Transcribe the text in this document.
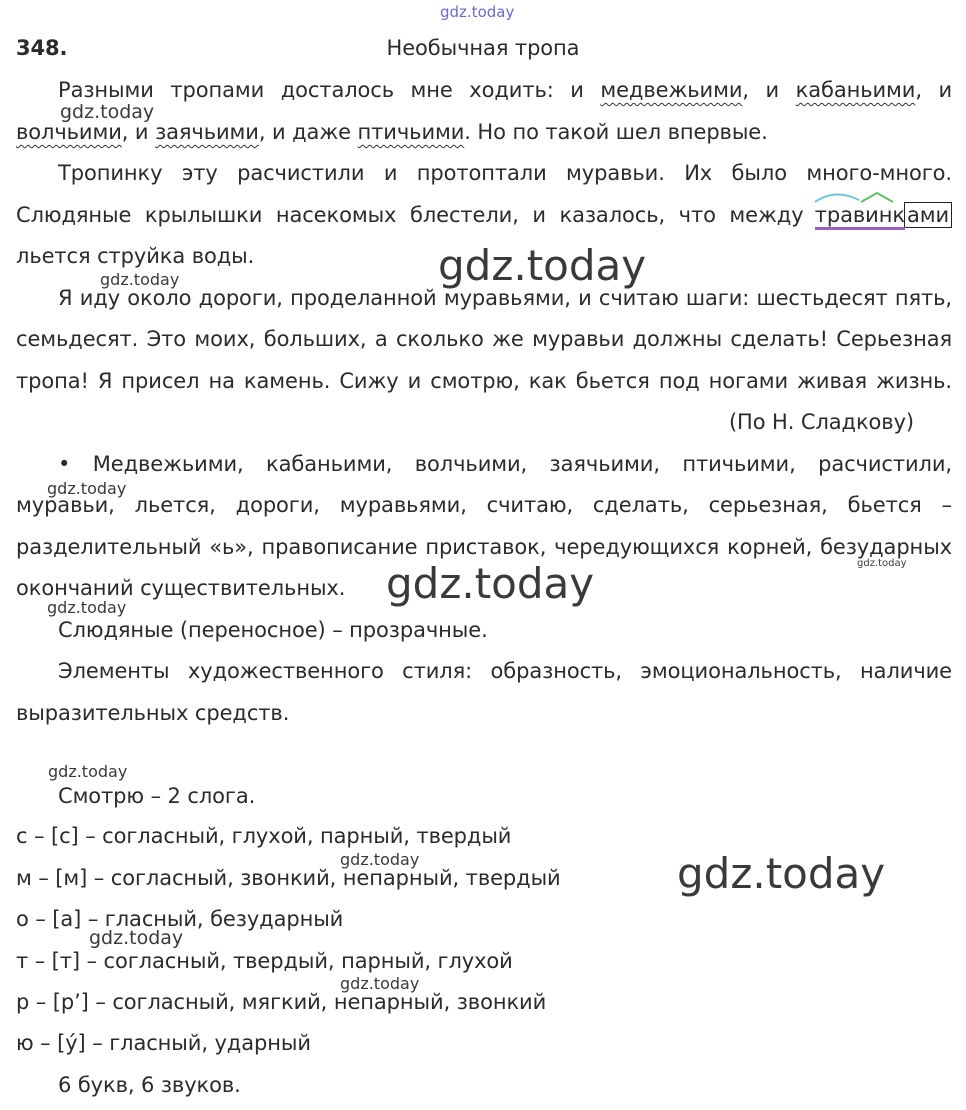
gdz.today
gdz.today
gdz.today
gdz.today
gdz.today
gdz.today
gdz.today
gdz.today
gdz.today
gdz.today	gdz.today
gdz.today
gdz.today
348.	Необычная тропа
Разными тропами досталось мне ходить: и медвежьими, и кабаньими, и
волчьими, и заячьими, и даже птичьими. Но по такой шел впервые.
Тропинку эту расчистили и протоптали муравьи. Их было много-много.
Слюдяные крылышки насекомых блестели, и казалось, что между травинками
льется струйка воды.
Я иду около дороги, проделанной муравьями, и считаю шаги: шестьдесят пять,
семьдесят. Это моих, больших, а сколько же муравьи должны сделать! Серьезная
тропа! Я присел на камень. Сижу и смотрю, как бьется под ногами живая жизнь.
(По Н. Сладкову)
• Медвежьими, кабаньими, волчьими, заячьими, птичьими, расчистили,
муравьи, льется, дороги, муравьями, считаю, сделать, серьезная, бьется –
разделительный «ь», правописание приставок, чередующихся корней, безударных
окончаний существительных.
Слюдяные (переносное) – прозрачные.
Элементы художественного стиля: образность, эмоциональность, наличие
выразительных средств.
Смотрю – 2 слога.
с – [с] – согласный, глухой, парный, твердый
м – [м] – согласный, звонкий, непарный, твердый
о – [а] – гласный, безударный
т – [т] – согласный, твердый, парный, глухой
р – [р’] – согласный, мягкий, непарный, звонкий
ю – [у́] – гласный, ударный
6 букв, 6 звуков.
